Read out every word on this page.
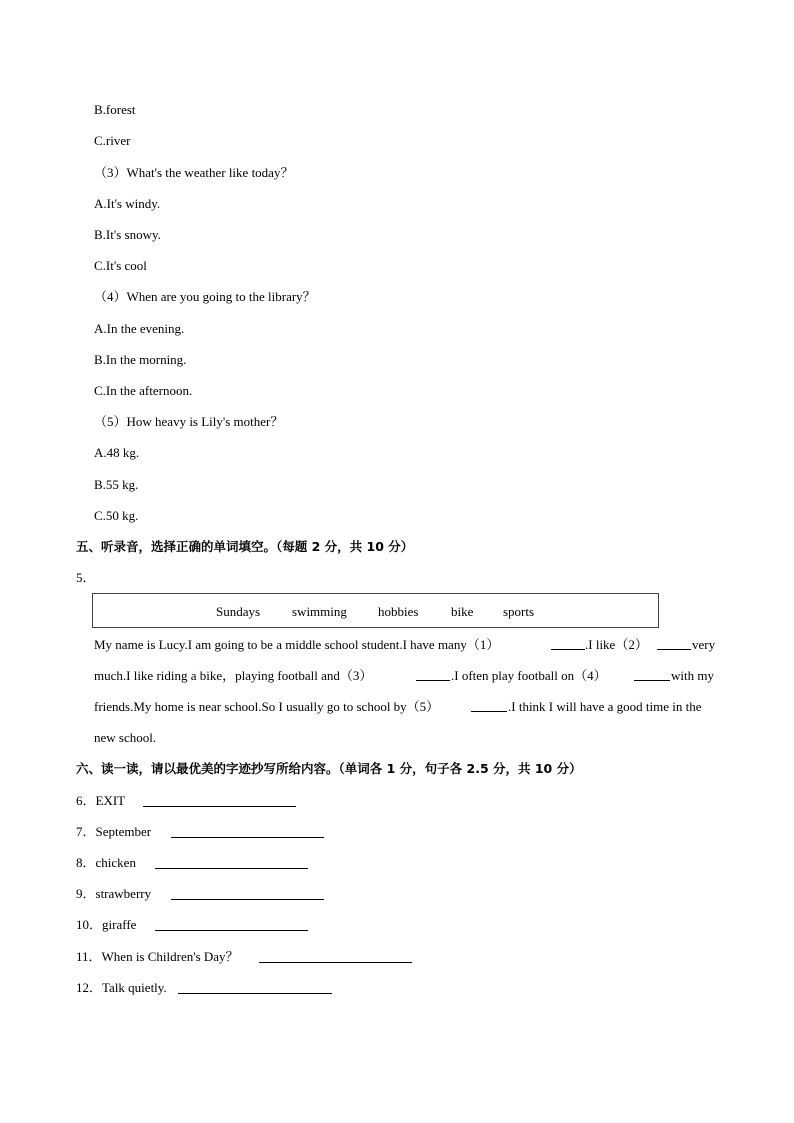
B.forest
C.river
（3）What's the weather like today？
A.It's windy.
B.It's snowy.
C.It's cool
（4）When are you going to the library？
A.In the evening.
B.In the morning.
C.In the afternoon.
（5）How heavy is Lily's mother？
A.48 kg.
B.55 kg.
C.50 kg.
五、听录音，选择正确的单词填空。（每题 2 分，共 10 分）
5．
Sundays swimming hobbies	bike sports
My name is Lucy.I am going to be a middle school student.I have many（1）	.I like（2）	very
much.I like riding a bike，playing football and（3）	.I often play football on（4）	with my
friends.My home is near school.So I usually go to school by（5）	.I think I will have a good time in the
new school.
六、读一读，请以最优美的字迹抄写所给内容。（单词各 1 分，句子各 2.5 分，共 10 分）
6．EXIT
7．September
8．chicken
9．strawberry
10．giraffe
11．When is Children's Day？
12．Talk quietly.
